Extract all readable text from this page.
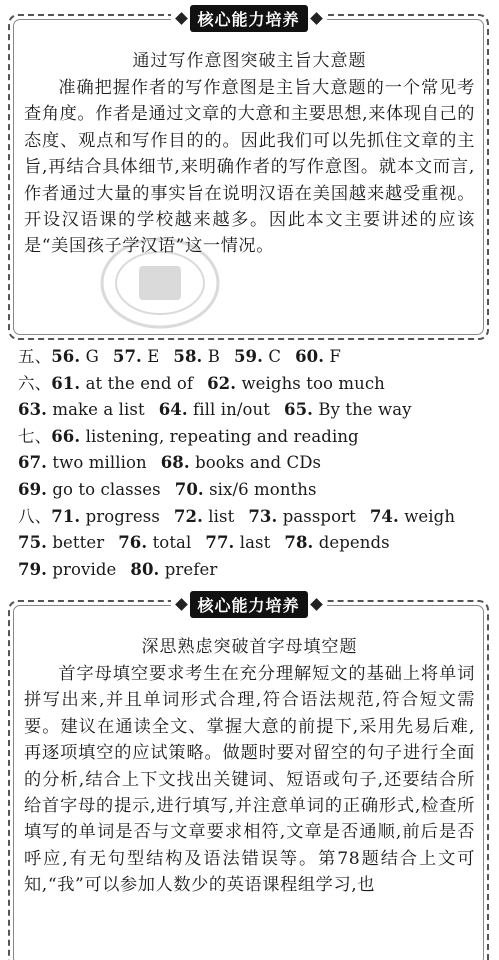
核心能力培养

通过写作意图突破主旨大意题

准确把握作者的写作意图是主旨大意题的一个常见考查角度。作者是通过文章的大意和主要思想,来体现自己的态度、观点和写作目的的。因此我们可以先抓住文章的主旨,再结合具体细节,来明确作者的写作意图。就本文而言,作者通过大量的事实旨在说明汉语在美国越来越受重视。开设汉语课的学校越来越多。因此本文主要讲述的应该是“美国孩子学汉语”这一情况。

五、56. G 57. E 58. B 59. C 60. F
六、61. at the end of 62. weighs too much
63. make a list 64. fill in/out 65. By the way
七、66. listening, repeating and reading
67. two million 68. books and CDs
69. go to classes 70. six/6 months
八、71. progress 72. list 73. passport 74. weigh
75. better 76. total 77. last 78. depends
79. provide 80. prefer
核心能力培养

深思熟虑突破首字母填空题

首字母填空要求考生在充分理解短文的基础上将单词拼写出来,并且单词形式合理,符合语法规范,符合短文需要。建议在通读全文、掌握大意的前提下,采用先易后难,再逐项填空的应试策略。做题时要对留空的句子进行全面的分析,结合上下文找出关键词、短语或句子,还要结合所给首字母的提示,进行填写,并注意单词的正确形式,检查所填写的单词是否与文章要求相符,文章是否通顺,前后是否呼应,有无句型结构及语法错误等。第78题结合上文可知,“我”可以参加人数少的英语课程组学习,也
